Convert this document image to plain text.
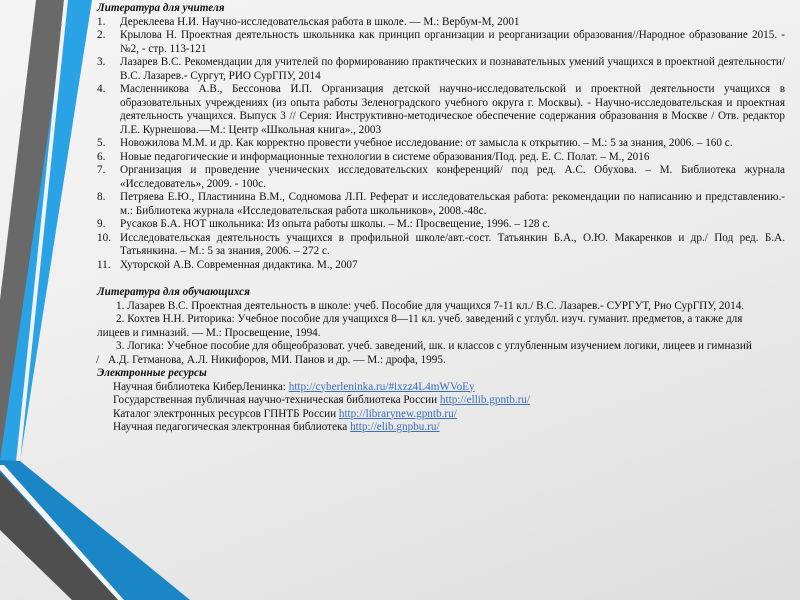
Литература для учителя
1.	Дереклеева Н.И. Научно-исследовательская работа в школе. — М.: Вербум-М, 2001
2.	Крылова Н. Проектная деятельность школьника как принцип организации и реорганизации образования//Народное образование 2015. - №2, - стр. 113-121
3.	Лазарев В.С. Рекомендации для учителей по формированию практических и познавательных умений учащихся в проектной деятельности/ В.С. Лазарев.- Сургут, РИО СурГПУ, 2014
4.	Масленникова А.В., Бессонова И.П. Организация детской научно-исследовательской и проектной деятельности учащихся в образовательных учреждениях (из опыта работы Зеленоградского учебного округа г. Москвы). - Научно-исследовательская и проектная деятельность учащихся. Выпуск 3 // Серия: Инструктивно-методическое обеспечение содержания образования в Москве / Отв. редактор Л.Е. Курнешова.—М.: Центр «Школьная книга»., 2003
5.	Новожилова М.М. и др. Как корректно провести учебное исследование: от замысла к открытию. – М.: 5 за знания, 2006. – 160 с.
6.	Новые педагогические и информационные технологии в системе образования/Под. ред. Е. С. Полат. – М., 2016
7.	Организация и проведение ученических исследовательских конференций/ под ред. А.С. Обухова. – М. Библиотека журнала «Исследователь», 2009. - 100с.
8.	Петряева Е.Ю., Пластинина В.М., Содномова Л.П. Реферат и исследовательская работа: рекомендации по написанию и представлению.- м.: Библиотека журнала «Исследовательская работа школьников», 2008.-48с.
9.	Русаков Б.А. НОТ школьника: Из опыта работы школы. – М.: Просвещение, 1996. – 128 с.
10. Исследовательская деятельность учащихся в профильной школе/авт.-сост. Татьянкин Б.А., О.Ю. Макаренков и др./ Под ред. Б.А. Татьянкина. – М.: 5 за знания, 2006. – 272 с.
11. Хуторской А.В. Современная дидактика. М., 2007
Литература для обучающихся
1. Лазарев В.С. Проектная деятельность в школе: учеб. Пособие для учащихся 7-11 кл./ В.С. Лазарев.- СУРГУТ, Рио СурГПУ, 2014.
2. Кохтев Н.Н. Риторика: Учебное пособие для учащихся 8—11 кл. учеб. заведений с углубл. изуч. гуманит. предметов, а также для
лицеев и гимназий. — М.: Просвещение, 1994.
3. Логика: Учебное пособие для общеобразоват. учеб. заведений, шк. и классов с углубленным изучением логики, лицеев и гимназий
/ А.Д. Гетманова, А.Л. Никифоров, МИ. Панов и др. — М.: дрофа, 1995.
Электронные ресурсы
Научная библиотека КиберЛенинка: http://cyberleninka.ru/#ixzz4L4mWVoEy
Государственная публичная научно-техническая библиотека России http://ellib.gpntb.ru/
Каталог электронных ресурсов ГПНТБ России http://librarynew.gpntb.ru/
Научная педагогическая электронная библиотека http://elib.gnpbu.ru/
